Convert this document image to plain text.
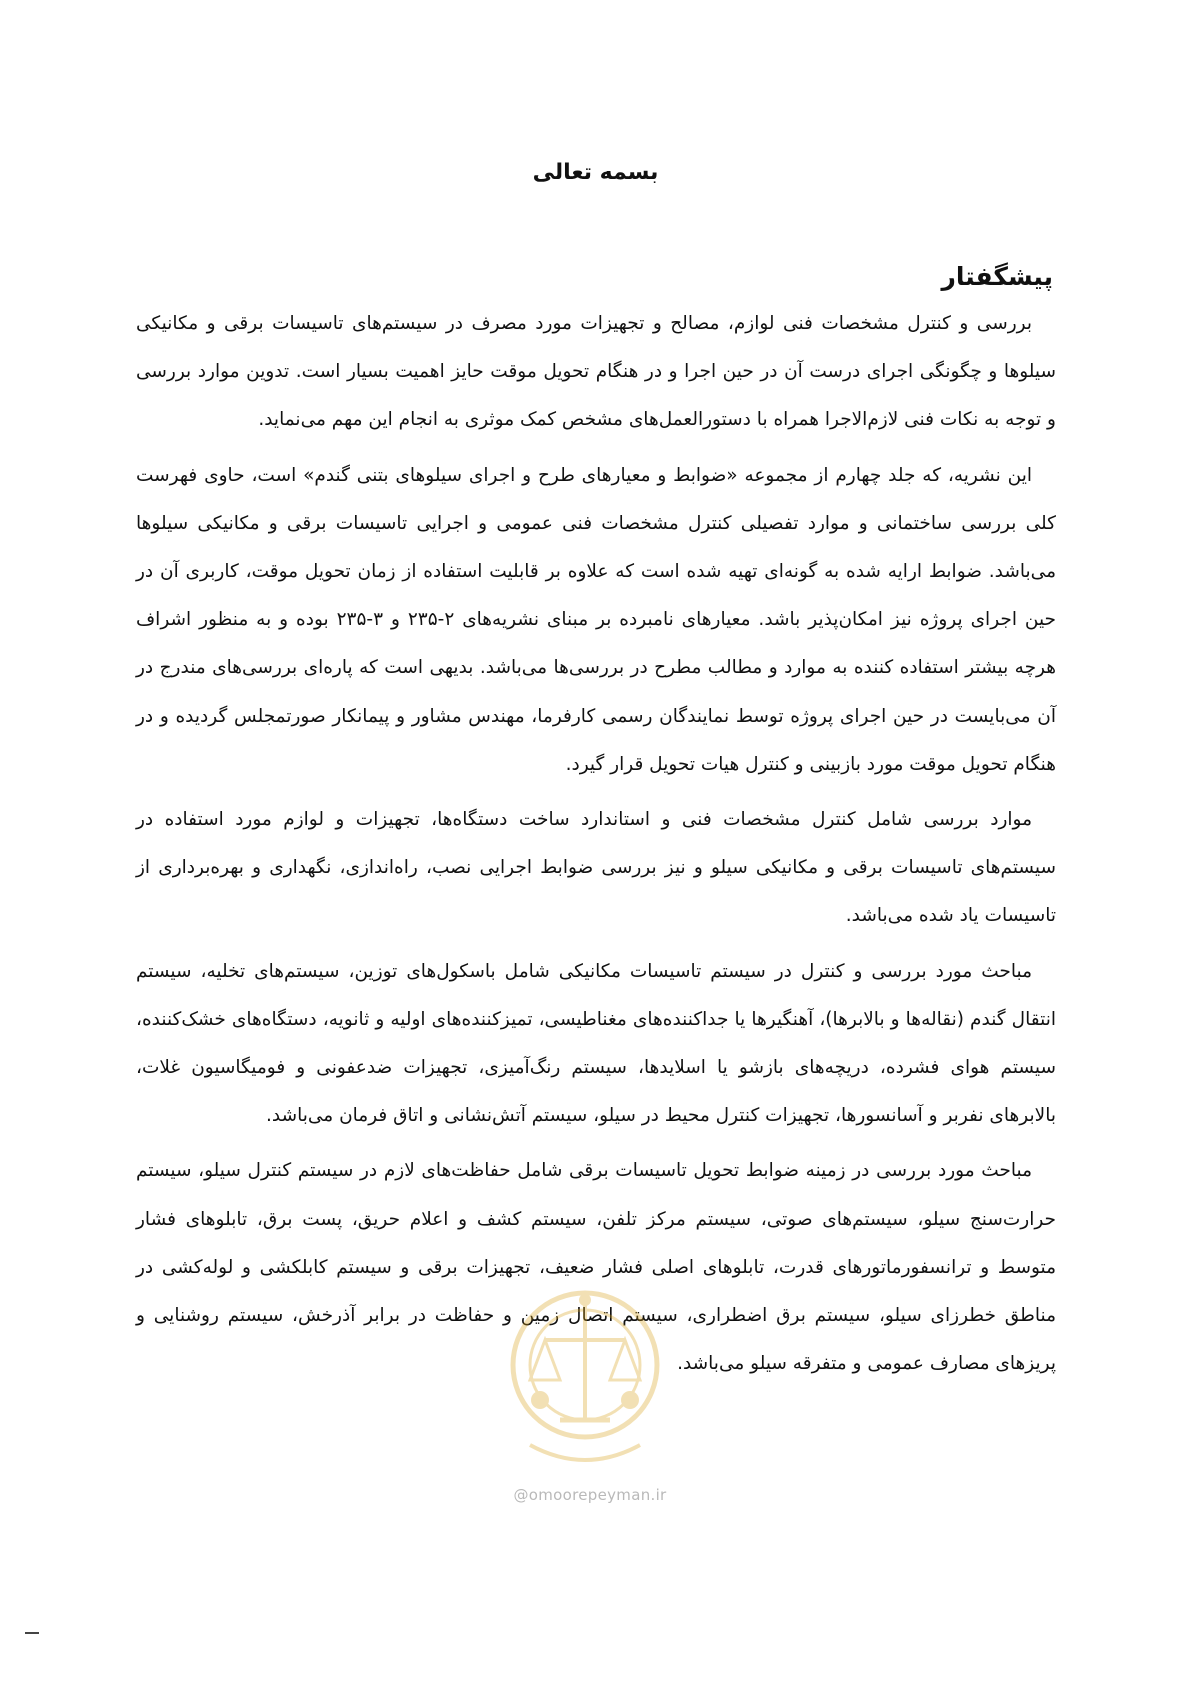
بسمه تعالی
پیشگفتار

بررسی و کنترل مشخصات فنی لوازم، مصالح و تجهیزات مورد مصرف در سیستم‌های تاسیسات برقی و مکانیکی سیلوها و چگونگی اجرای درست آن در حین اجرا و در هنگام تحویل موقت حایز اهمیت بسیار است. تدوین موارد بررسی و توجه به نکات فنی لازم‌الاجرا همراه با دستورالعمل‌های مشخص کمک موثری به انجام این مهم می‌نماید.

این نشریه، که جلد چهارم از مجموعه «ضوابط و معیارهای طرح و اجرای سیلوهای بتنی گندم» است، حاوی فهرست کلی بررسی ساختمانی و موارد تفصیلی کنترل مشخصات فنی عمومی و اجرایی تاسیسات برقی و مکانیکی سیلوها می‌باشد. ضوابط ارایه شده به گونه‌ای تهیه شده است که علاوه بر قابلیت استفاده از زمان تحویل موقت، کاربری آن در حین اجرای پروژه نیز امکان‌پذیر باشد. معیارهای نامبرده بر مبنای نشریه‌های ۲-۲۳۵ و ۳-۲۳۵ بوده و به منظور اشراف هرچه بیشتر استفاده کننده به موارد و مطالب مطرح در بررسی‌ها می‌باشد. بدیهی است که پاره‌ای بررسی‌های مندرج در آن می‌بایست در حین اجرای پروژه توسط نمایندگان رسمی کارفرما، مهندس مشاور و پیمانکار صورتمجلس گردیده و در هنگام تحویل موقت مورد بازبینی و کنترل هیات تحویل قرار گیرد.

موارد بررسی شامل کنترل مشخصات فنی و استاندارد ساخت دستگاه‌ها، تجهیزات و لوازم مورد استفاده در سیستم‌های تاسیسات برقی و مکانیکی سیلو و نیز بررسی ضوابط اجرایی نصب، راه‌اندازی، نگهداری و بهره‌برداری از تاسیسات یاد شده می‌باشد.

مباحث مورد بررسی و کنترل در سیستم تاسیسات مکانیکی شامل باسکول‌های توزین، سیستم‌های تخلیه، سیستم انتقال گندم (نقاله‌ها و بالابرها)، آهنگیرها یا جداکننده‌های مغناطیسی، تمیزکننده‌های اولیه و ثانویه، دستگاه‌های خشک‌کننده، سیستم هوای فشرده، دریچه‌های بازشو یا اسلایدها، سیستم رنگ‌آمیزی، تجهیزات ضدعفونی و فومیگاسیون غلات، بالابرهای نفربر و آسانسورها، تجهیزات کنترل محیط در سیلو، سیستم آتش‌نشانی و اتاق فرمان می‌باشد.

مباحث مورد بررسی در زمینه ضوابط تحویل تاسیسات برقی شامل حفاظت‌های لازم در سیستم کنترل سیلو، سیستم حرارت‌سنج سیلو، سیستم‌های صوتی، سیستم مرکز تلفن، سیستم کشف و اعلام حریق، پست برق، تابلوهای فشار متوسط و ترانسفورماتورهای قدرت، تابلوهای اصلی فشار ضعیف، تجهیزات برقی و سیستم کابلکشی و لوله‌کشی در مناطق خطرزای سیلو، سیستم برق اضطراری، سیستم اتصال زمین و حفاظت در برابر آذرخش، سیستم روشنایی و پریزهای مصارف عمومی و متفرقه سیلو می‌باشد.

@omoorepeyman.ir
